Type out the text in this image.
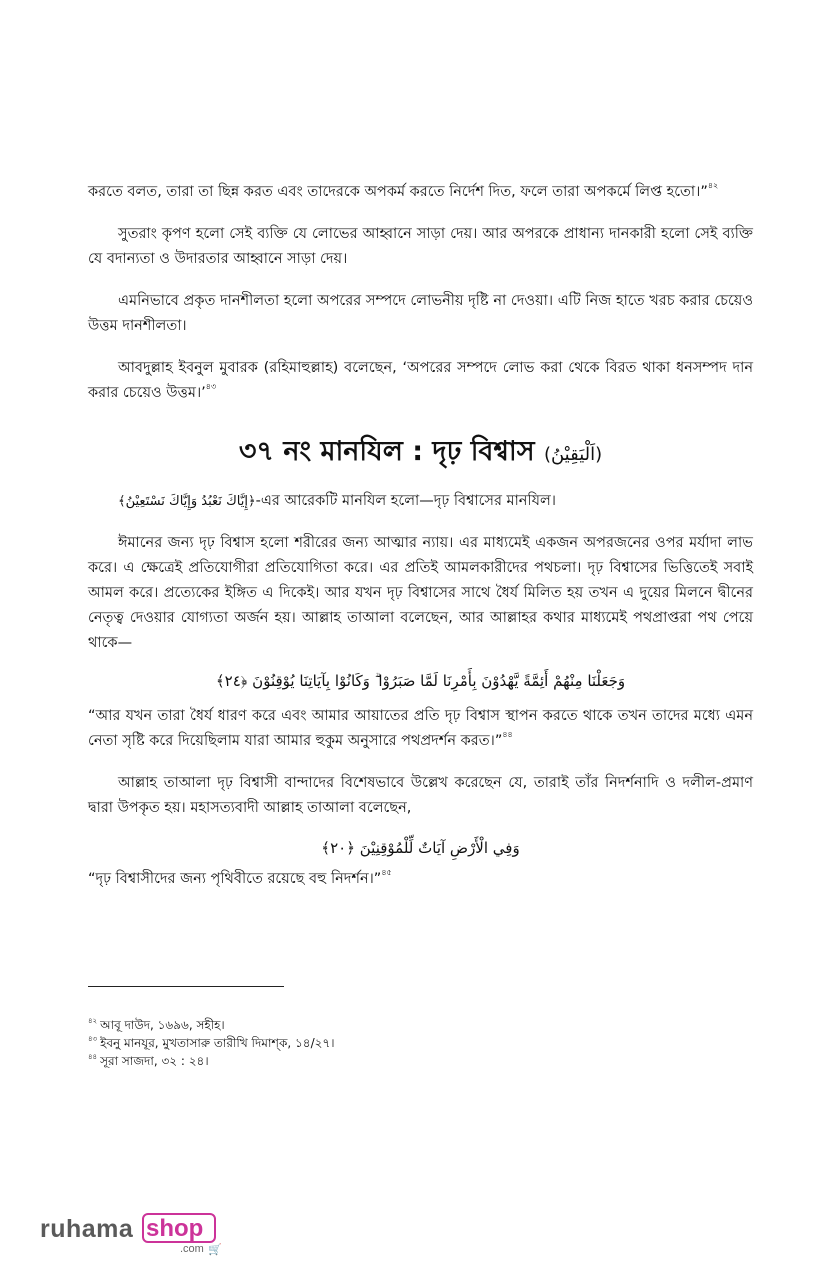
করতে বলত, তারা তা ছিন্ন করত এবং তাদেরকে অপকর্ম করতে নির্দেশ দিত, ফলে তারা অপকর্মে লিপ্ত হতো।”$^{৪২}$

সুতরাং কৃপণ হলো সেই ব্যক্তি যে লোভের আহ্বানে সাড়া দেয়। আর অপরকে প্রাধান্য দানকারী হলো সেই ব্যক্তি যে বদান্যতা ও উদারতার আহ্বানে সাড়া দেয়।

এমনিভাবে প্রকৃত দানশীলতা হলো অপরের সম্পদে লোভনীয় দৃষ্টি না দেওয়া। এটি নিজ হাতে খরচ করার চেয়েও উত্তম দানশীলতা।

আবদুল্লাহ ইবনুল মুবারক (রহিমাহুল্লাহ) বলেছেন, ‘অপরের সম্পদে লোভ করা থেকে বিরত থাকা ধনসম্পদ দান করার চেয়েও উত্তম।’$^{৪৩}$

৩৭ নং মানযিল : দৃঢ় বিশ্বাস (اَلْيَقِيْنُ)

﴿إِيَّاكَ نَعْبُدُ وَإِيَّاكَ نَسْتَعِيْنُ﴾-এর আরেকটি মানযিল হলো—দৃঢ় বিশ্বাসের মানযিল।

ঈমানের জন্য দৃঢ় বিশ্বাস হলো শরীরের জন্য আত্মার ন্যায়। এর মাধ্যমেই একজন অপরজনের ওপর মর্যাদা লাভ করে। এ ক্ষেত্রেই প্রতিযোগীরা প্রতিযোগিতা করে। এর প্রতিই আমলকারীদের পথচলা। দৃঢ় বিশ্বাসের ভিত্তিতেই সবাই আমল করে। প্রত্যেকের ইঙ্গিত এ দিকেই। আর যখন দৃঢ় বিশ্বাসের সাথে ধৈর্য মিলিত হয় তখন এ দুয়ের মিলনে দ্বীনের নেতৃত্ব দেওয়ার যোগ্যতা অর্জন হয়। আল্লাহ তাআলা বলেছেন, আর আল্লাহর কথার মাধ্যমেই পথপ্রাপ্তরা পথ পেয়ে থাকে—

وَجَعَلْنَا مِنْهُمْ أَئِمَّةً يَّهْدُوْنَ بِأَمْرِنَا لَمَّا صَبَرُوْا ۗ وَكَانُوْا بِآيَاتِنَا يُوْقِنُوْنَ ﴿٢٤﴾

“আর যখন তারা ধৈর্য ধারণ করে এবং আমার আয়াতের প্রতি দৃঢ় বিশ্বাস স্থাপন করতে থাকে তখন তাদের মধ্যে এমন নেতা সৃষ্টি করে দিয়েছিলাম যারা আমার হুকুম অনুসারে পথপ্রদর্শন করত।”$^{৪৪}$

আল্লাহ তাআলা দৃঢ় বিশ্বাসী বান্দাদের বিশেষভাবে উল্লেখ করেছেন যে, তারাই তাঁর নিদর্শনাদি ও দলীল-প্রমাণ দ্বারা উপকৃত হয়। মহাসত্যবাদী আল্লাহ তাআলা বলেছেন,

وَفِي الْأَرْضِ آيَاتٌ لِّلْمُوْقِنِيْنَ ﴿٢٠﴾

“দৃঢ় বিশ্বাসীদের জন্য পৃথিবীতে রয়েছে বহু নিদর্শন।”$^{৪৫}$

$^{৪২}$ আবূ দাউদ, ১৬৯৬, সহীহ।

$^{৪৩}$ ইবনু মানযূর, মুখতাসারু তারীখি দিমাশ্ক, ১৪/২৭।

$^{৪৪}$ সূরা সাজদা, ৩২ : ২৪।

ruhama shop
.com 🛒
